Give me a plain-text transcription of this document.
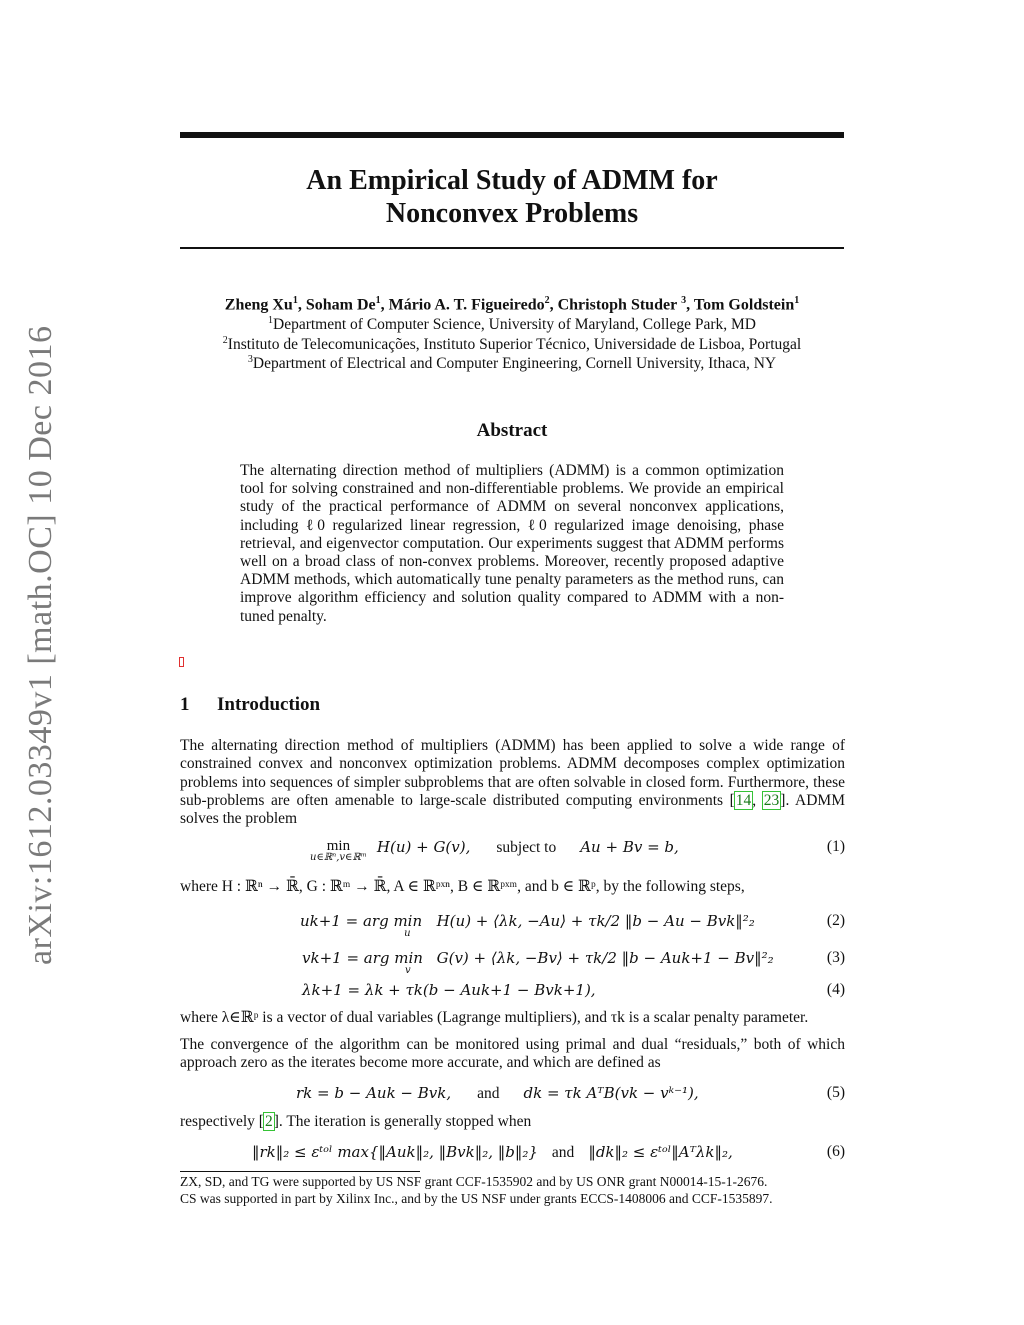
arXiv:1612.03349v1 [math.OC] 10 Dec 2016
An Empirical Study of ADMM for
Nonconvex Problems
Zheng Xu$^1$, Soham De$^1$, Mário A. T. Figueiredo$^2$, Christoph Studer $^3$, Tom Goldstein$^1$
$^1$Department of Computer Science, University of Maryland, College Park, MD
$^2$Instituto de Telecomunicações, Instituto Superior Técnico, Universidade de Lisboa, Portugal
$^3$Department of Electrical and Computer Engineering, Cornell University, Ithaca, NY
Abstract
The alternating direction method of multipliers (ADMM) is a common optimization tool for solving constrained and non-differentiable problems. We provide an empirical study of the practical performance of ADMM on several nonconvex applications, including ℓ0 regularized linear regression, ℓ0 regularized image denoising, phase retrieval, and eigenvector computation. Our experiments suggest that ADMM performs well on a broad class of non-convex problems. Moreover, recently proposed adaptive ADMM methods, which automatically tune penalty parameters as the method runs, can improve algorithm efficiency and solution quality compared to ADMM with a non-tuned penalty.
1 Introduction
The alternating direction method of multipliers (ADMM) has been applied to solve a wide range of constrained convex and nonconvex optimization problems. ADMM decomposes complex optimization problems into sequences of simpler subproblems that are often solvable in closed form. Furthermore, these sub-problems are often amenable to large-scale distributed computing environments [14, 23]. ADMM solves the problem
min
u∈ℝⁿ,v∈ℝᵐ
H(u) + G(v), subject to Au + Bv = b,	(1)
where H : ℝⁿ → ℝ̄, G : ℝᵐ → ℝ̄, A ∈ ℝᵖˣⁿ, B ∈ ℝᵖˣᵐ, and b ∈ ℝᵖ, by the following steps,
uk+1 = arg min $_u$ H(u) + ⟨λk, −Au⟩ + τk/2 ‖b − Au − Bvk‖²₂	(2)
vk+1 = arg min $_v$ G(v) + ⟨λk, −Bv⟩ + τk/2 ‖b − Auk+1 − Bv‖²₂	(3)
λk+1 = λk + τk(b − Auk+1 − Bvk+1),	(4)
where λ∈ℝᵖ is a vector of dual variables (Lagrange multipliers), and τk is a scalar penalty parameter.
The convergence of the algorithm can be monitored using primal and dual “residuals,” both of which approach zero as the iterates become more accurate, and which are defined as
rk = b − Auk − Bvk, and dk = τk AᵀB(vk − vᵏ⁻¹),	(5)
respectively [2]. The iteration is generally stopped when
‖rk‖₂ ≤ εᵗᵒˡ max{‖Auk‖₂, ‖Bvk‖₂, ‖b‖₂} and ‖dk‖₂ ≤ εᵗᵒˡ‖Aᵀλk‖₂,	(6)
ZX, SD, and TG were supported by US NSF grant CCF-1535902 and by US ONR grant N00014-15-1-2676.
CS was supported in part by Xilinx Inc., and by the US NSF under grants ECCS-1408006 and CCF-1535897.
